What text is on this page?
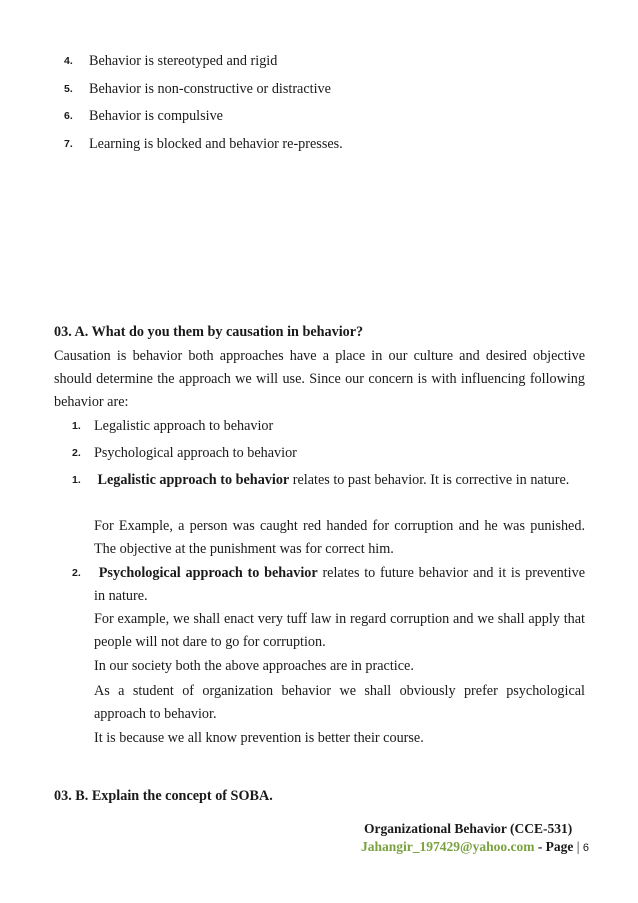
4. Behavior is stereotyped and rigid
5. Behavior is non-constructive or distractive
6. Behavior is compulsive
7. Learning is blocked and behavior re-presses.
03. A. What do you them by causation in behavior?
Causation is behavior both approaches have a place in our culture and desired objective should determine the approach we will use. Since our concern is with influencing following behavior are:
1. Legalistic approach to behavior
2. Psychological approach to behavior
1. Legalistic approach to behavior relates to past behavior. It is corrective in nature.
For Example, a person was caught red handed for corruption and he was punished. The objective at the punishment was for correct him.
2.	Psychological approach to behavior relates to future behavior and it is preventive in nature.
For example, we shall enact very tuff law in regard corruption and we shall apply that people will not dare to go for corruption.
In our society both the above approaches are in practice.
As a student of organization behavior we shall obviously prefer psychological approach to behavior.
It is because we all know prevention is better their course.
03. B. Explain the concept of SOBA.
Organizational Behavior (CCE-531)
Jahangir_197429@yahoo.com - Page | 6
